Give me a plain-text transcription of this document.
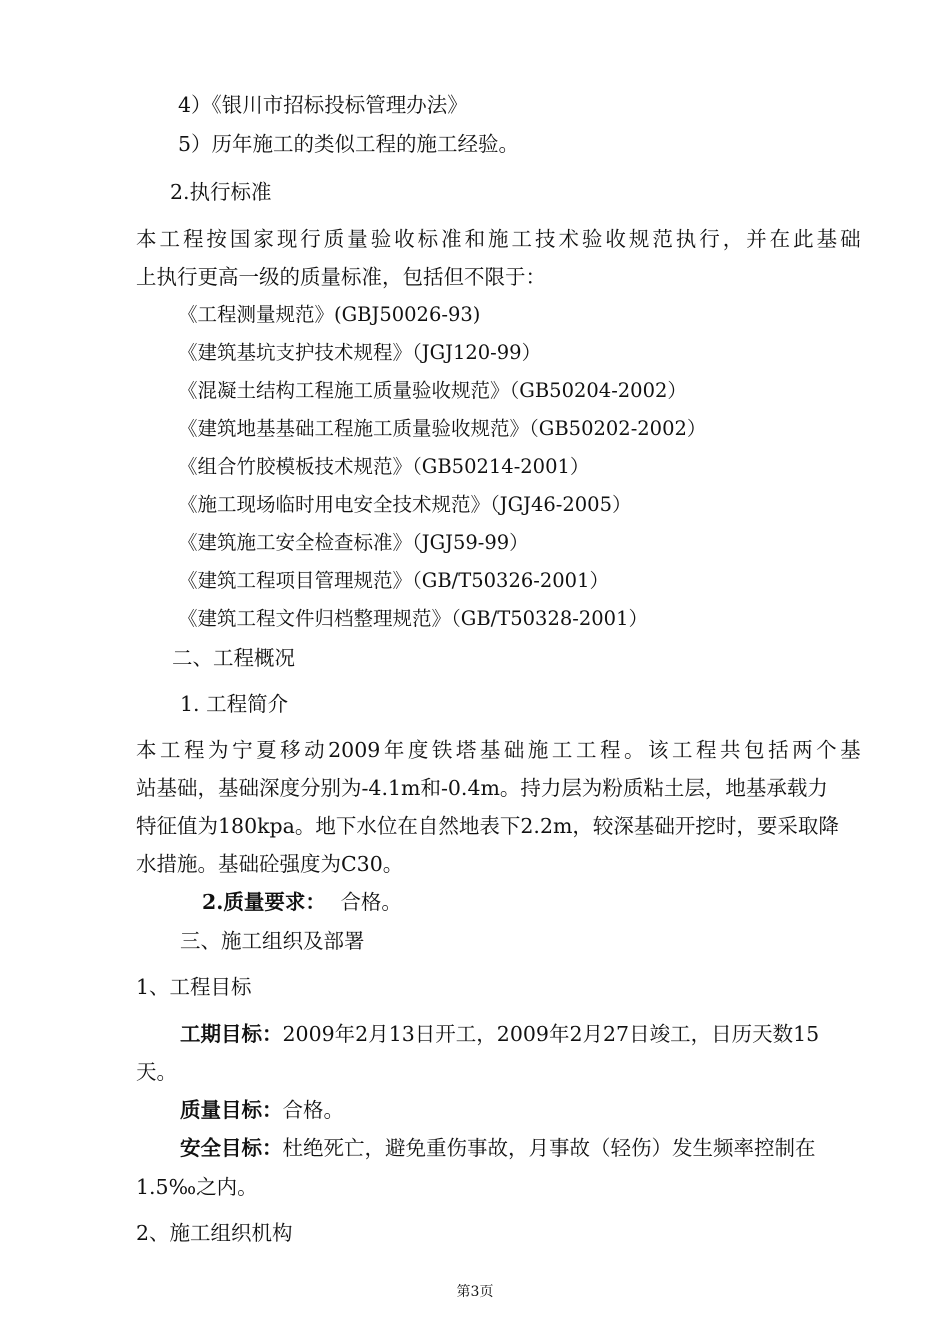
4）《银川市招标投标管理办法》
5）历年施工的类似工程的施工经验。
2.执行标准
本 工 程 按 国 家 现 行 质 量 验 收 标 准 和 施 工 技 术 验 收 规 范 执 行 ， 并 在 此 基 础
上执行更高一级的质量标准，包括但不限于：
《工程测量规范》(GBJ50026-93)
《建筑基坑支护技术规程》（JGJ120-99）
《混凝土结构工程施工质量验收规范》（GB50204-2002）
《建筑地基基础工程施工质量验收规范》（GB50202-2002）
《组合竹胶模板技术规范》（GB50214-2001）
《施工现场临时用电安全技术规范》（JGJ46-2005）
《建筑施工安全检查标准》（JGJ59-99）
《建筑工程项目管理规范》（GB/T50326-2001）
《建筑工程文件归档整理规范》（GB/T50328-2001）
二、工程概况
1. 工程简介
本 工 程 为 宁 夏 移 动 2009 年 度 铁 塔 基 础 施 工 工 程 。 该 工 程 共 包 括 两 个 基
站基础，基础深度分别为-4.1m和-0.4m。持力层为粉质粘土层，地基承载力
特征值为180kpa。地下水位在自然地表下2.2m，较深基础开挖时，要采取降
水措施。基础砼强度为C30。
2.质量要求： 合格。
三、施工组织及部署
1、工程目标
工期目标：2009年2月13日开工，2009年2月27日竣工，日历天数15
天。
质量目标：合格。
安全目标：杜绝死亡，避免重伤事故，月事故（轻伤）发生频率控制在
1.5‰之内。
2、施工组织机构
第3页
